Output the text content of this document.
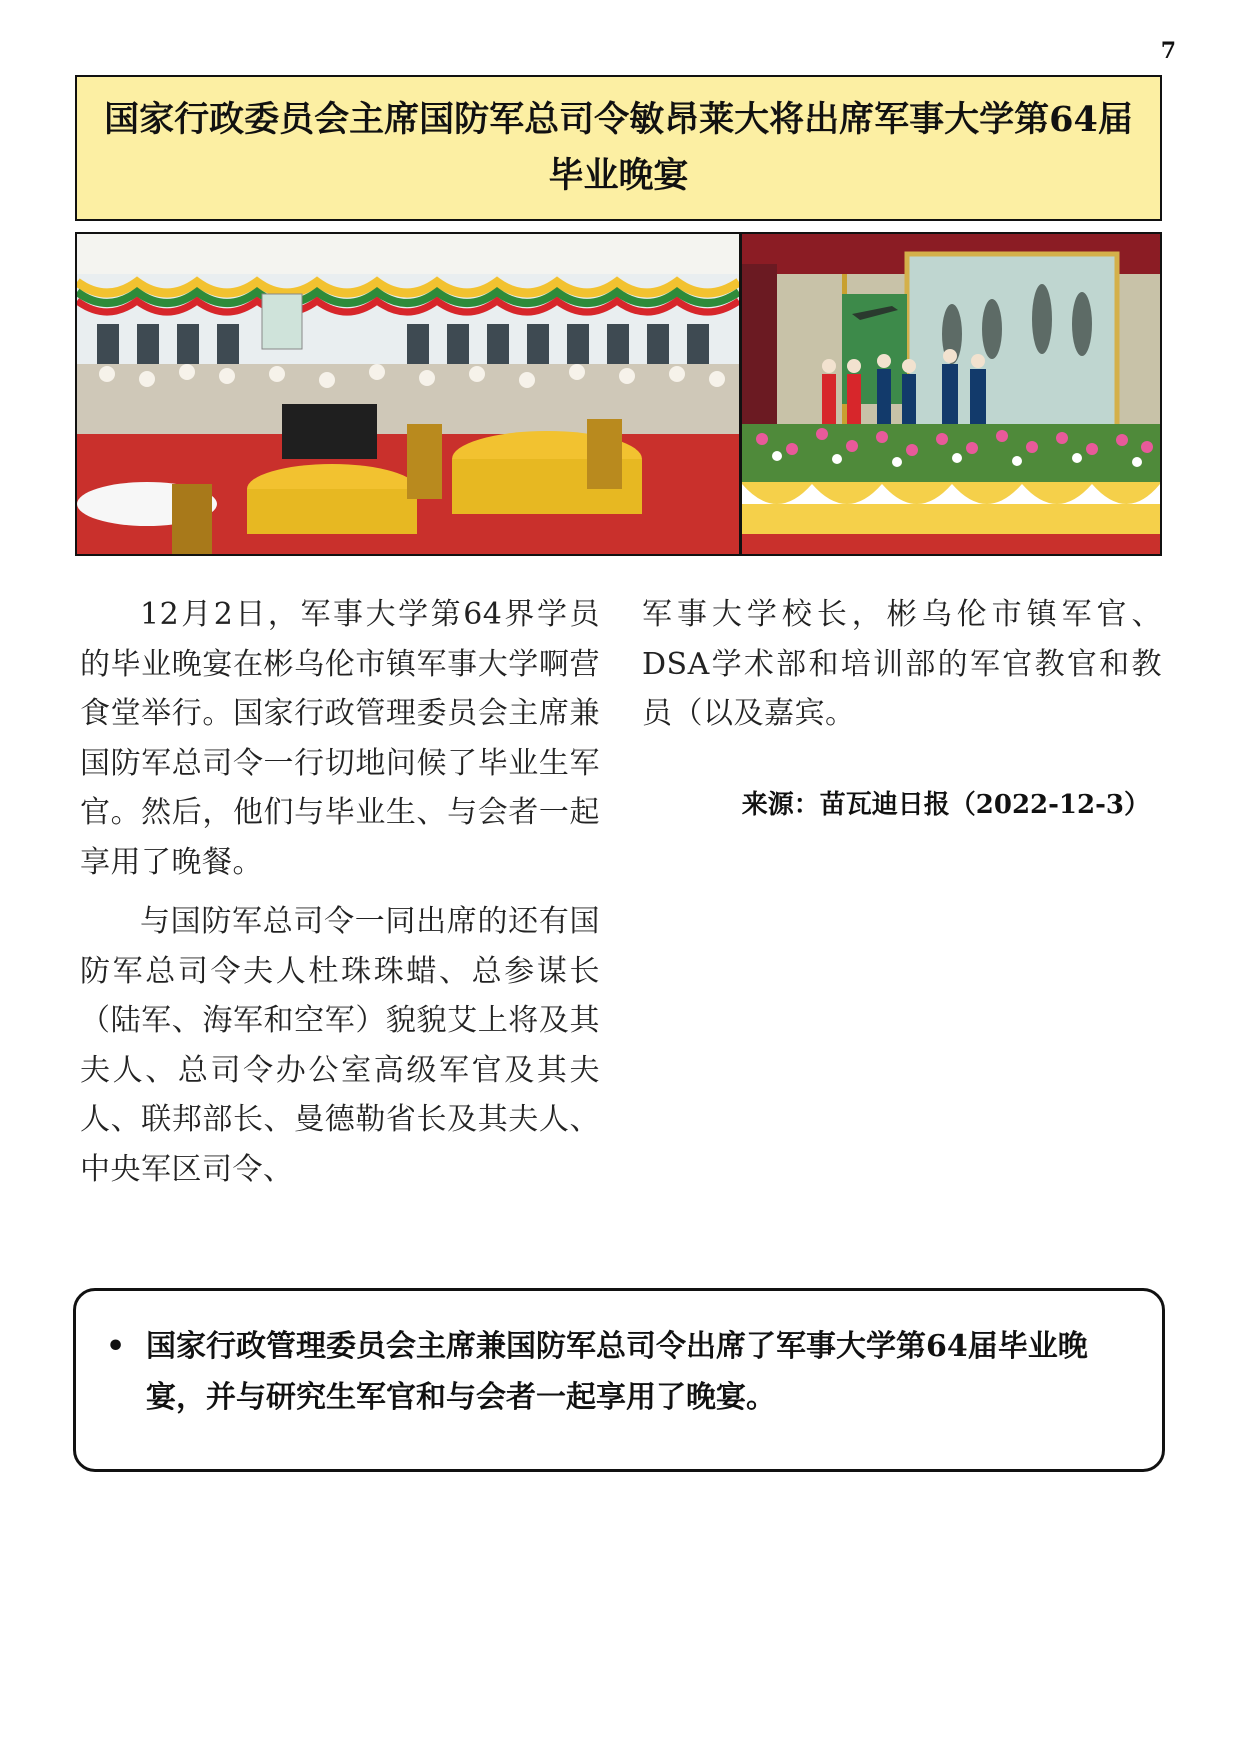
7
国家行政委员会主席国防军总司令敏昂莱大将出席军事大学第64届毕业晚宴

12月2日，军事大学第64界学员的毕业晚宴在彬乌伦市镇军事大学啊营食堂举行。国家行政管理委员会主席兼国防军总司令一行切地问候了毕业生军官。然后，他们与毕业生、与会者一起享用了晚餐。

与国防军总司令一同出席的还有国防军总司令夫人杜珠珠蜡、总参谋长（陆军、海军和空军）貌貌艾上将及其夫人、总司令办公室高级军官及其夫人、联邦部长、曼德勒省长及其夫人、中央军区司令、

军事大学校长，彬乌伦市镇军官、DSA学术部和培训部的军官教官和教员（以及嘉宾。

来源：苗瓦迪日报（2022-12-3）
• 国家行政管理委员会主席兼国防军总司令出席了军事大学第64届毕业晚宴，并与研究生军官和与会者一起享用了晚宴。
